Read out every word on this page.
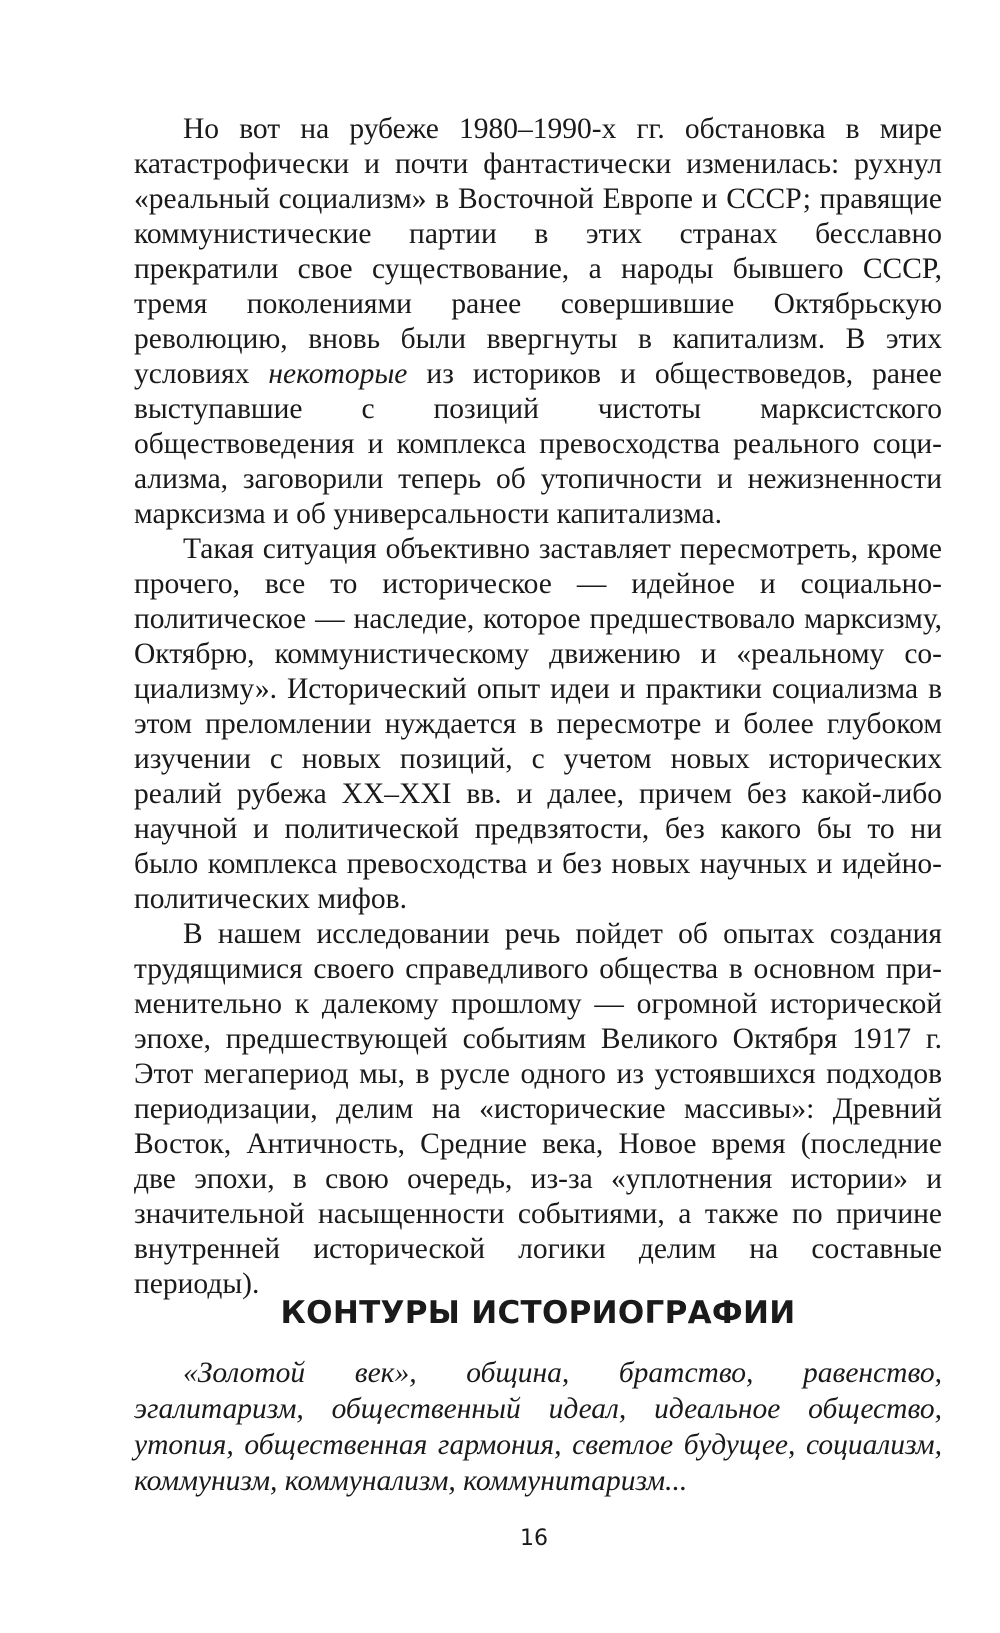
Но вот на рубеже 1980–1990-х гг. обстановка в мире катастрофически и почти фантастически изменилась: рухнул «реальный социализм» в Восточной Европе и СССР; правящие коммунистические партии в этих странах бесславно прекратили свое существование, а народы бывшего СССР, тремя поколениями ранее совершившие Октябрьскую революцию, вновь были ввергнуты в капитализм. В этих условиях некоторые из историков и обществоведов, ранее выступавшие с позиций чистоты марксистского обществоведения и комплекса превосходства реального социализма, заговорили теперь об утопичности и нежизненности марксизма и об универсальности капитализма.

Такая ситуация объективно заставляет пересмотреть, кроме прочего, все то историческое — идейное и социально-политическое — наследие, которое предшествовало марксизму, Октябрю, коммунистическому движению и «реальному социализму». Исторический опыт идеи и практики социализма в этом преломлении нуждается в пересмотре и более глубоком изучении с новых позиций, с учетом новых исторических реалий рубежа XX–XXI вв. и далее, причем без какой-либо научной и политической предвзятости, без какого бы то ни было комплекса превосходства и без новых научных и идейно-политических мифов.

В нашем исследовании речь пойдет об опытах создания трудящимися своего справедливого общества в основном применительно к далекому прошлому — огромной исторической эпохе, предшествующей событиям Великого Октября 1917 г. Этот мегапериод мы, в русле одного из устоявшихся подходов периодизации, делим на «исторические массивы»: Древний Восток, Античность, Средние века, Новое время (последние две эпохи, в свою очередь, из-за «уплотнения истории» и значительной насыщенности событиями, а также по причине внутренней исторической логики делим на составные периоды).

КОНТУРЫ ИСТОРИОГРАФИИ

«Золотой век», община, братство, равенство, эгалитаризм, общественный идеал, идеальное общество, утопия, общественная гармония, светлое будущее, социализм, коммунизм, коммунализм, коммунитаризм...

16
